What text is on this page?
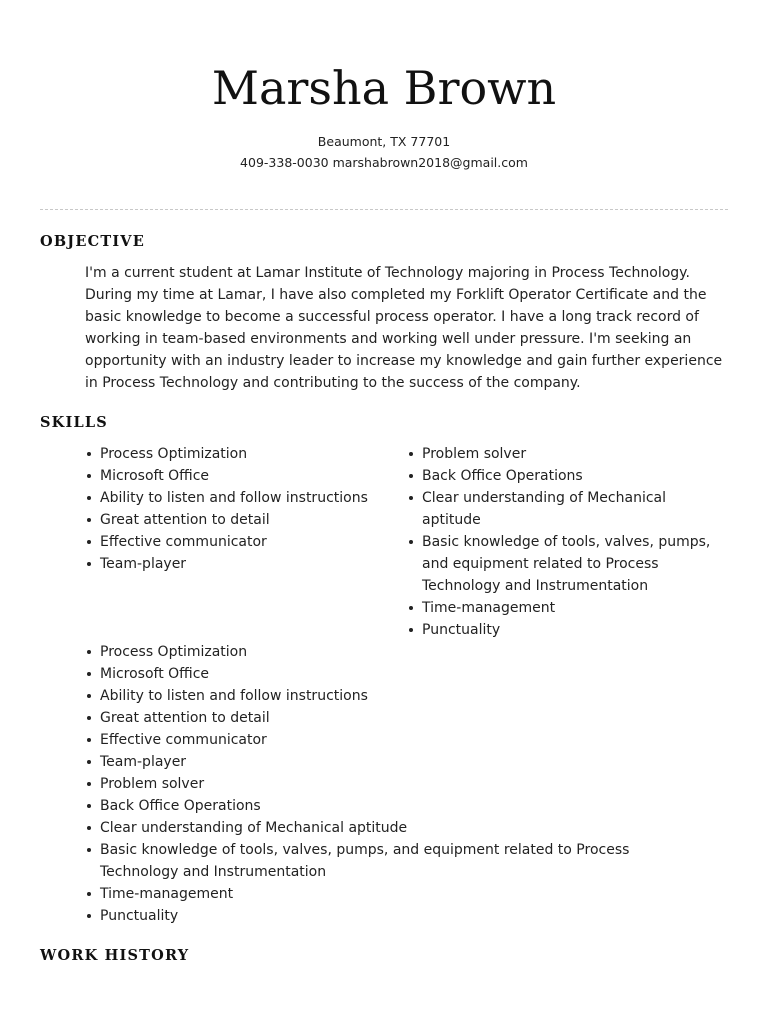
Marsha Brown
Beaumont, TX 77701
409-338-0030 marshabrown2018@gmail.com
OBJECTIVE

I'm a current student at Lamar Institute of Technology majoring in Process Technology. During my time at Lamar, I have also completed my Forklift Operator Certificate and the basic knowledge to become a successful process operator. I have a long track record of working in team-based environments and working well under pressure. I'm seeking an opportunity with an industry leader to increase my knowledge and gain further experience in Process Technology and contributing to the success of the company.

SKILLS
Process Optimization
Microsoft Office
Ability to listen and follow instructions
Great attention to detail
Effective communicator
Team-player
Problem solver
Back Office Operations
Clear understanding of Mechanical aptitude
Basic knowledge of tools, valves, pumps, and equipment related to Process Technology and Instrumentation
Time-management
Punctuality
Process Optimization
Microsoft Office
Ability to listen and follow instructions
Great attention to detail
Effective communicator
Team-player
Problem solver
Back Office Operations
Clear understanding of Mechanical aptitude
Basic knowledge of tools, valves, pumps, and equipment related to Process Technology and Instrumentation
Time-management
Punctuality
WORK HISTORY
